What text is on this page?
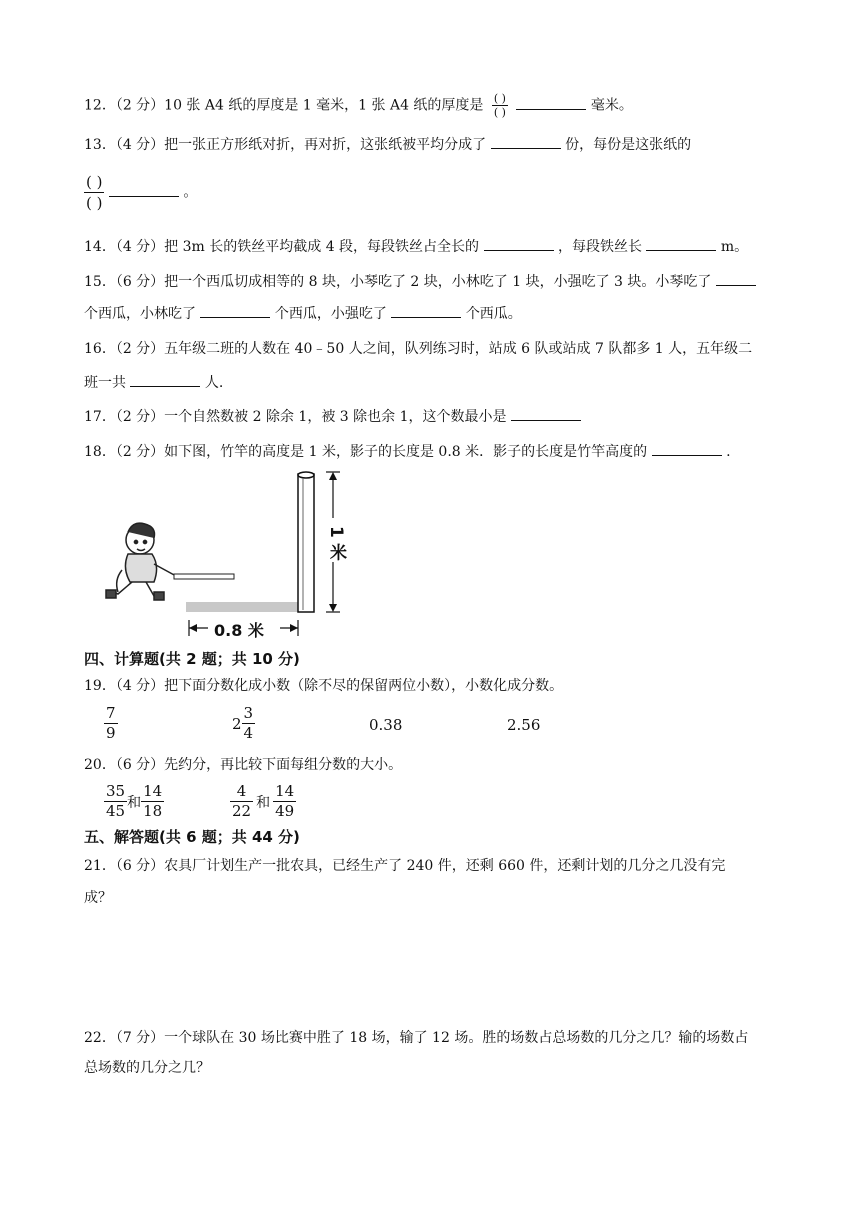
12．（2 分）10 张 A4 纸的厚度是 1 毫米，1 张 A4 纸的厚度是 $\frac{( )}{( )}$	毫米。
13．（4 分）把一张正方形纸对折，再对折，这张纸被平均分成了	份，每份是这张纸的
$\frac{( )}{( )}$	。
14．（4 分）把 3m 长的铁丝平均截成 4 段，每段铁丝占全长的	，每段铁丝长	m。
15．（6 分）把一个西瓜切成相等的 8 块，小琴吃了 2 块，小林吃了 1 块，小强吃了 3 块。小琴吃了
个西瓜，小林吃了	个西瓜，小强吃了	个西瓜。
16．（2 分）五年级二班的人数在 40﹣50 人之间，队列练习时，站成 6 队或站成 7 队都多 1 人，五年级二
班一共	人.
17．（2 分）一个自然数被 2 除余 1，被 3 除也余 1，这个数最小是
18．（2 分）如下图，竹竿的高度是 1 米，影子的长度是 0.8 米．影子的长度是竹竿高度的	.
1 米
0.8 米
四、计算题(共 2 题；共 10 分)
19．（4 分）把下面分数化成小数（除不尽的保留两位小数），小数化成分数。
$\frac{7}{9}$	$2 \frac{3}{4}$	0.38	2.56
20．（6 分）先约分，再比较下面每组分数的大小。
$\frac{35}{45}$ 和 $\frac{14}{18}$	$\frac{4}{22}$ 和 $\frac{14}{49}$
五、解答题(共 6 题；共 44 分)
21．（6 分）农具厂计划生产一批农具，已经生产了 240 件，还剩 660 件，还剩计划的几分之几没有完
成？
22．（7 分）一个球队在 30 场比赛中胜了 18 场，输了 12 场。胜的场数占总场数的几分之几？输的场数占
总场数的几分之几？
